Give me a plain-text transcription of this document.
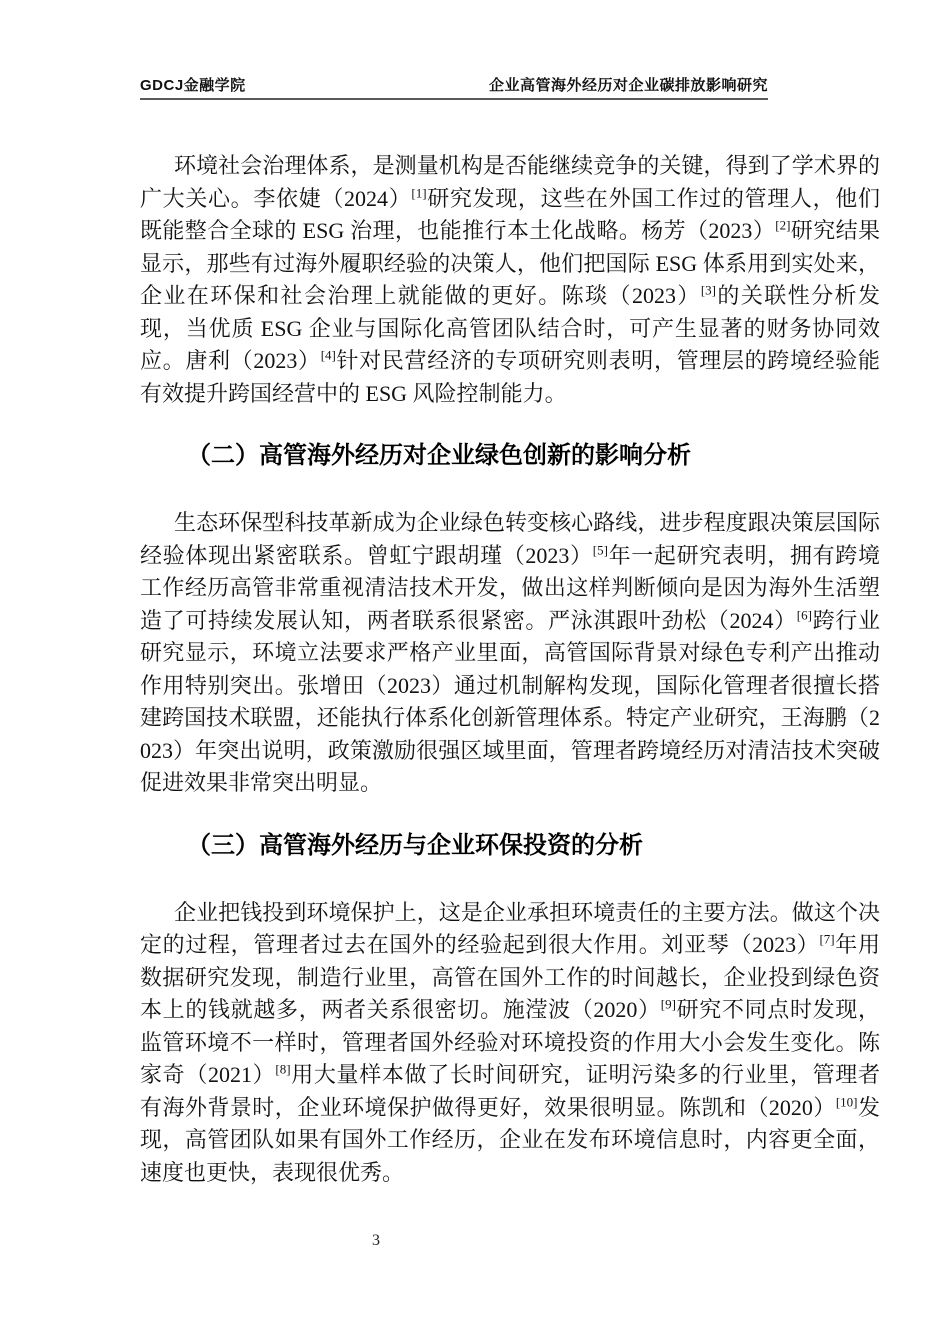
GDCJ金融学院	企业高管海外经历对企业碳排放影响研究

环境社会治理体系，是测量机构是否能继续竞争的关键，得到了学术界的广大关心。李依婕（2024）[1]研究发现，这些在外国工作过的管理人，他们既能整合全球的 ESG 治理，也能推行本土化战略。杨芳（2023）[2]研究结果显示，那些有过海外履职经验的决策人，他们把国际 ESG 体系用到实处来，企业在环保和社会治理上就能做的更好。陈琰（2023）[3]的关联性分析发现，当优质 ESG 企业与国际化高管团队结合时，可产生显著的财务协同效应。唐利（2023）[4]针对民营经济的专项研究则表明，管理层的跨境经验能有效提升跨国经营中的 ESG 风险控制能力。

（二）高管海外经历对企业绿色创新的影响分析

生态环保型科技革新成为企业绿色转变核心路线，进步程度跟决策层国际经验体现出紧密联系。曾虹宁跟胡瑾（2023）[5]年一起研究表明，拥有跨境工作经历高管非常重视清洁技术开发，做出这样判断倾向是因为海外生活塑造了可持续发展认知，两者联系很紧密。严泳淇跟叶劲松（2024）[6]跨行业研究显示，环境立法要求严格产业里面，高管国际背景对绿色专利产出推动作用特别突出。张增田（2023）通过机制解构发现，国际化管理者很擅长搭建跨国技术联盟，还能执行体系化创新管理体系。特定产业研究，王海鹏（2023）年突出说明，政策激励很强区域里面，管理者跨境经历对清洁技术突破促进效果非常突出明显。

（三）高管海外经历与企业环保投资的分析

企业把钱投到环境保护上，这是企业承担环境责任的主要方法。做这个决定的过程，管理者过去在国外的经验起到很大作用。刘亚琴（2023）[7]年用数据研究发现，制造行业里，高管在国外工作的时间越长，企业投到绿色资本上的钱就越多，两者关系很密切。施滢波（2020）[9]研究不同点时发现，监管环境不一样时，管理者国外经验对环境投资的作用大小会发生变化。陈家奇（2021）[8]用大量样本做了长时间研究，证明污染多的行业里，管理者有海外背景时，企业环境保护做得更好，效果很明显。陈凯和（2020）[10]发现，高管团队如果有国外工作经历，企业在发布环境信息时，内容更全面，速度也更快，表现很优秀。

3
